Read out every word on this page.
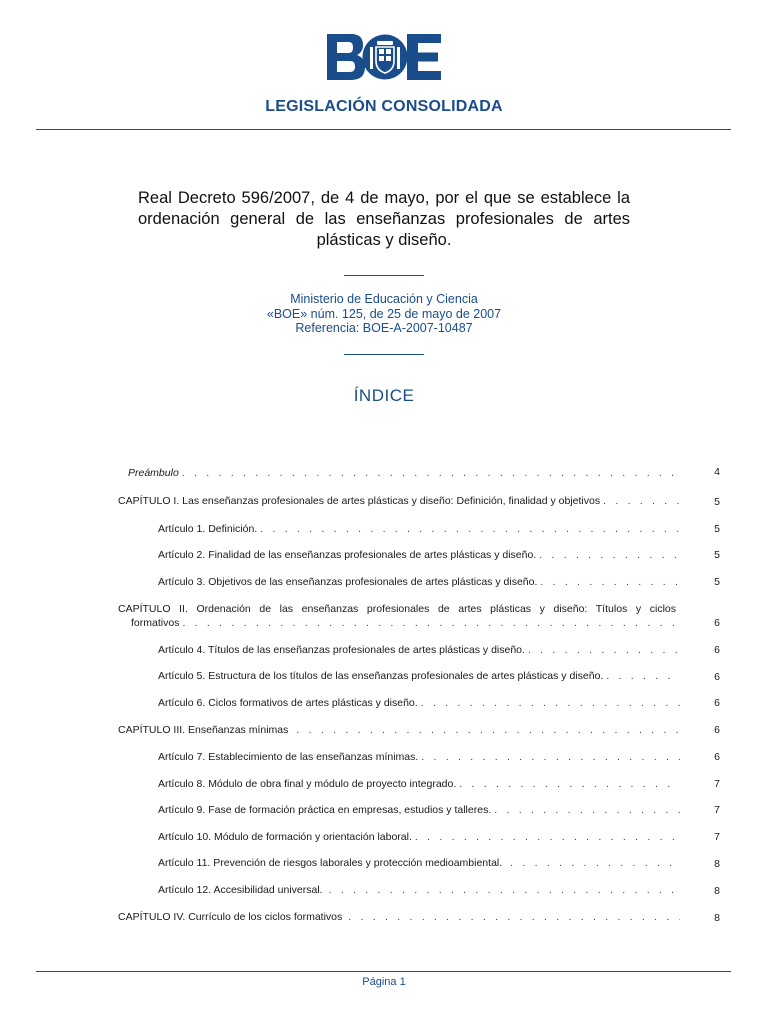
LEGISLACIÓN CONSOLIDADA
Real Decreto 596/2007, de 4 de mayo, por el que se establece la ordenación general de las enseñanzas profesionales de artes plásticas y diseño.
Ministerio de Educación y Ciencia
«BOE» núm. 125, de 25 de mayo de 2007
Referencia: BOE-A-2007-10487
ÍNDICE
Preámbulo . . .	4
CAPÍTULO I. Las enseñanzas profesionales de artes plásticas y diseño: Definición, finalidad y objetivos . . .	5
Artículo 1. Definición. . . .	5
Artículo 2. Finalidad de las enseñanzas profesionales de artes plásticas y diseño. . . .	5
Artículo 3. Objetivos de las enseñanzas profesionales de artes plásticas y diseño. . . .	5
CAPÍTULO II. Ordenación de las enseñanzas profesionales de artes plásticas y diseño: Títulos y ciclos
formativos . . .	6
Artículo 4. Títulos de las enseñanzas profesionales de artes plásticas y diseño. . . .	6
Artículo 5. Estructura de los títulos de las enseñanzas profesionales de artes plásticas y diseño. . . .	6
Artículo 6. Ciclos formativos de artes plásticas y diseño. . . .	6
CAPÍTULO III. Enseñanzas mínimas . . .	6
Artículo 7. Establecimiento de las enseñanzas mínimas. . . .	6
Artículo 8. Módulo de obra final y módulo de proyecto integrado. . . .	7
Artículo 9. Fase de formación práctica en empresas, estudios y talleres. . . .	7
Artículo 10. Módulo de formación y orientación laboral. . . .	7
Artículo 11. Prevención de riesgos laborales y protección medioambiental. . . .	8
Artículo 12. Accesibilidad universal. . . .	8
CAPÍTULO IV. Currículo de los ciclos formativos . . .	8
Página 1
